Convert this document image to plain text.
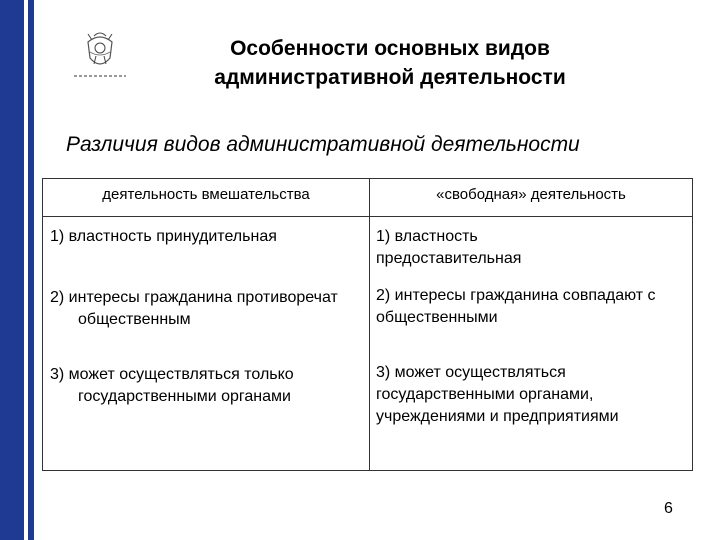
Особенности основных видов
административной деятельности
Различия видов административной деятельности
деятельность вмешательства	«свободная» деятельность
1) властность принудительная
2) интересы гражданина противоречат общественным
3) может осуществляться только государственными органами
1) властность предоставительная
2) интересы гражданина совпадают с общественными
3) может осуществляться государственными органами, учреждениями и предприятиями
6
